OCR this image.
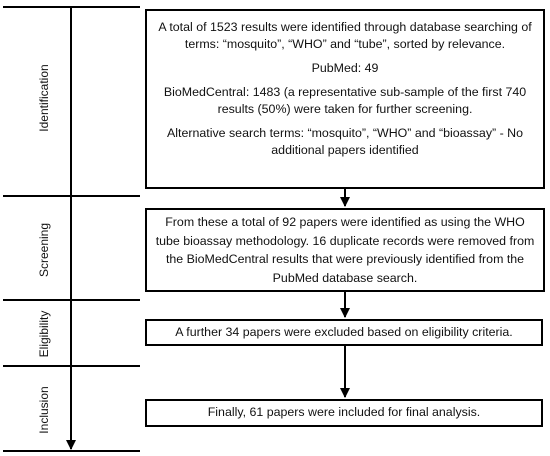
Identification
Screening
Eligibility
Inclusion

A total of 1523 results were identified through database searching of terms: “mosquito”, “WHO” and “tube”, sorted by relevance.

PubMed: 49

BioMedCentral: 1483 (a representative sub-sample of the first 740 results (50%) were taken for further screening.

Alternative search terms: “mosquito”, “WHO” and “bioassay” - No additional papers identified

From these a total of 92 papers were identified as using the WHO tube bioassay methodology. 16 duplicate records were removed from the BioMedCentral results that were previously identified from the PubMed database search.

A further 34 papers were excluded based on eligibility criteria.

Finally, 61 papers were included for final analysis.
